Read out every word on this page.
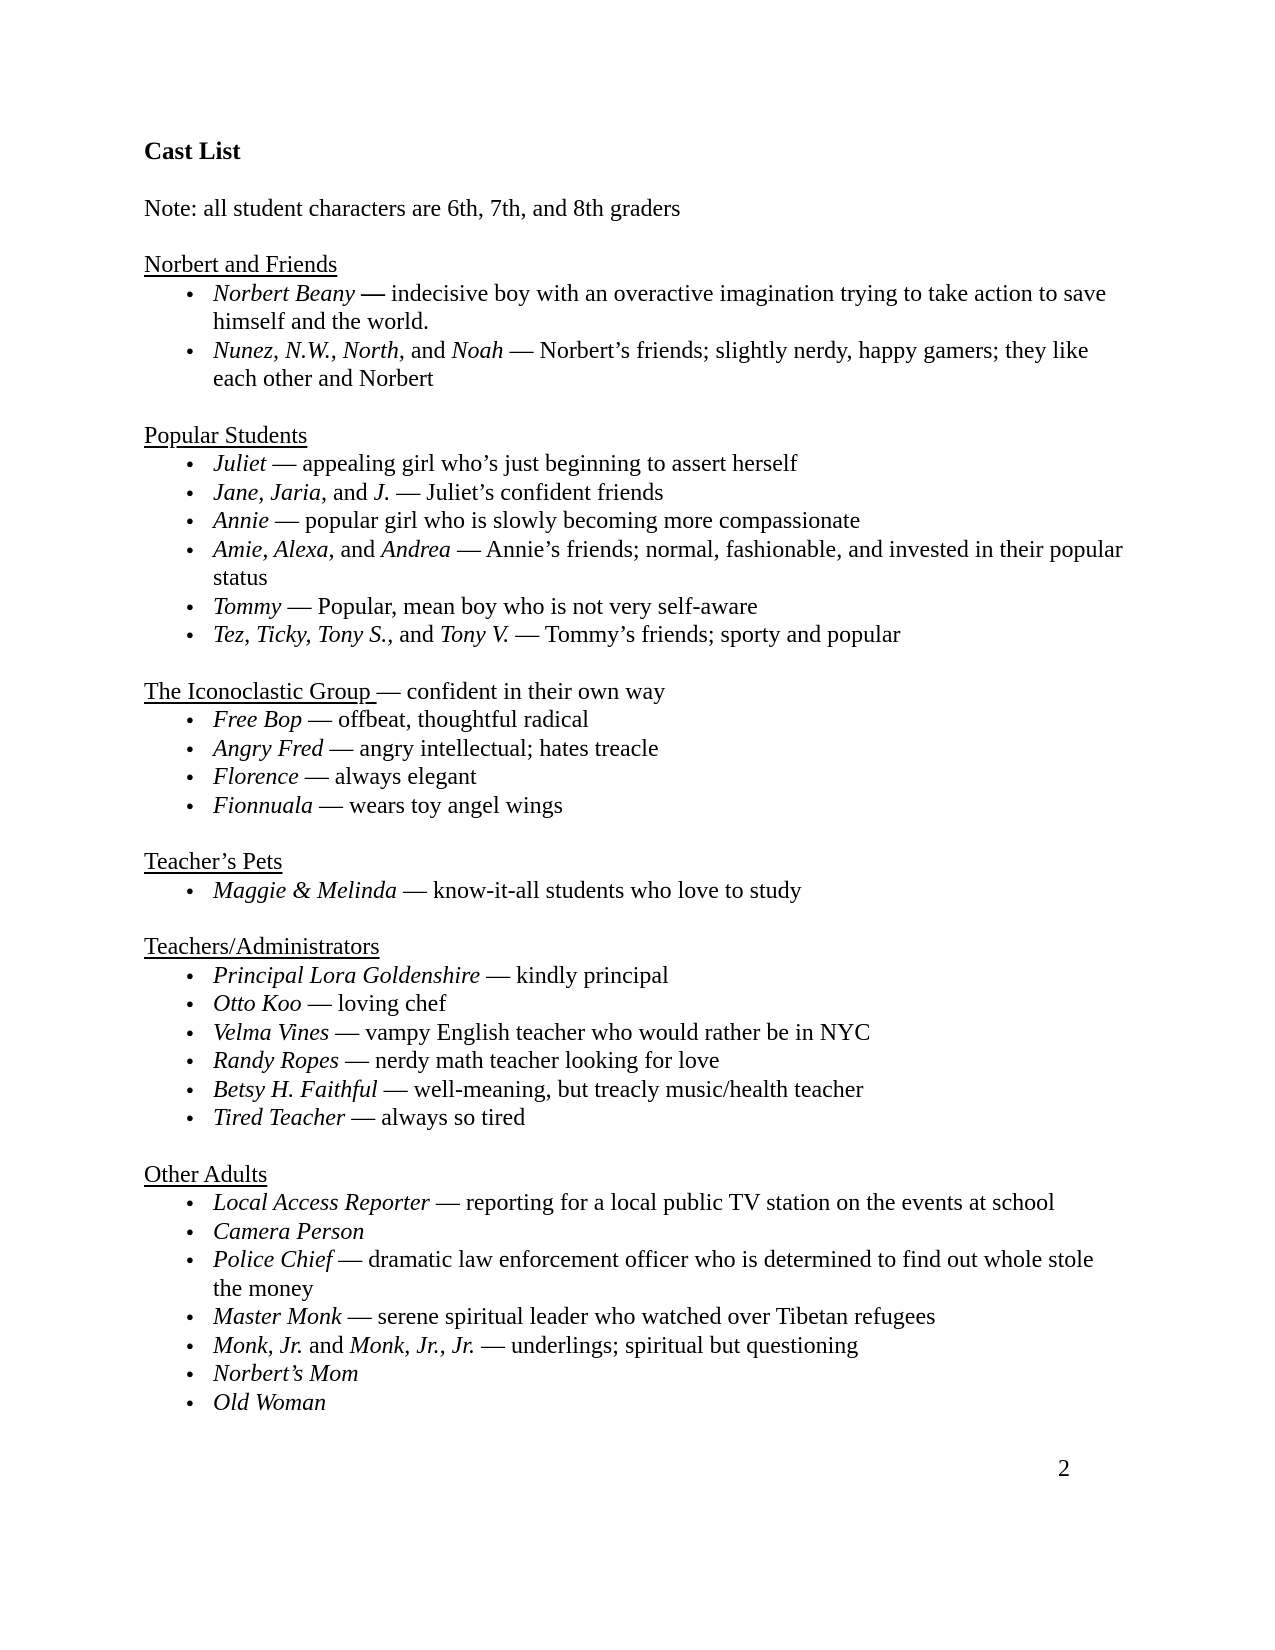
Cast List

Note: all student characters are 6th, 7th, and 8th graders

Norbert and Friends

● Norbert Beany — indecisive boy with an overactive imagination trying to take action to save himself and the world.
● Nunez, N.W., North, and Noah — Norbert’s friends; slightly nerdy, happy gamers; they like each other and Norbert

Popular Students

● Juliet — appealing girl who’s just beginning to assert herself
● Jane, Jaria, and J. — Juliet’s confident friends
● Annie — popular girl who is slowly becoming more compassionate
● Amie, Alexa, and Andrea — Annie’s friends; normal, fashionable, and invested in their popular status
● Tommy — Popular, mean boy who is not very self-aware
● Tez, Ticky, Tony S., and Tony V. — Tommy’s friends; sporty and popular

The Iconoclastic Group — confident in their own way

● Free Bop — offbeat, thoughtful radical
● Angry Fred — angry intellectual; hates treacle
● Florence — always elegant
● Fionnuala — wears toy angel wings

Teacher’s Pets

● Maggie & Melinda — know-it-all students who love to study

Teachers/Administrators

● Principal Lora Goldenshire — kindly principal
● Otto Koo — loving chef
● Velma Vines — vampy English teacher who would rather be in NYC
● Randy Ropes — nerdy math teacher looking for love
● Betsy H. Faithful — well-meaning, but treacly music/health teacher
● Tired Teacher — always so tired

Other Adults

● Local Access Reporter — reporting for a local public TV station on the events at school
● Camera Person
● Police Chief — dramatic law enforcement officer who is determined to find out whole stole the money
● Master Monk — serene spiritual leader who watched over Tibetan refugees
● Monk, Jr. and Monk, Jr., Jr. — underlings; spiritual but questioning
● Norbert’s Mom
● Old Woman
2
